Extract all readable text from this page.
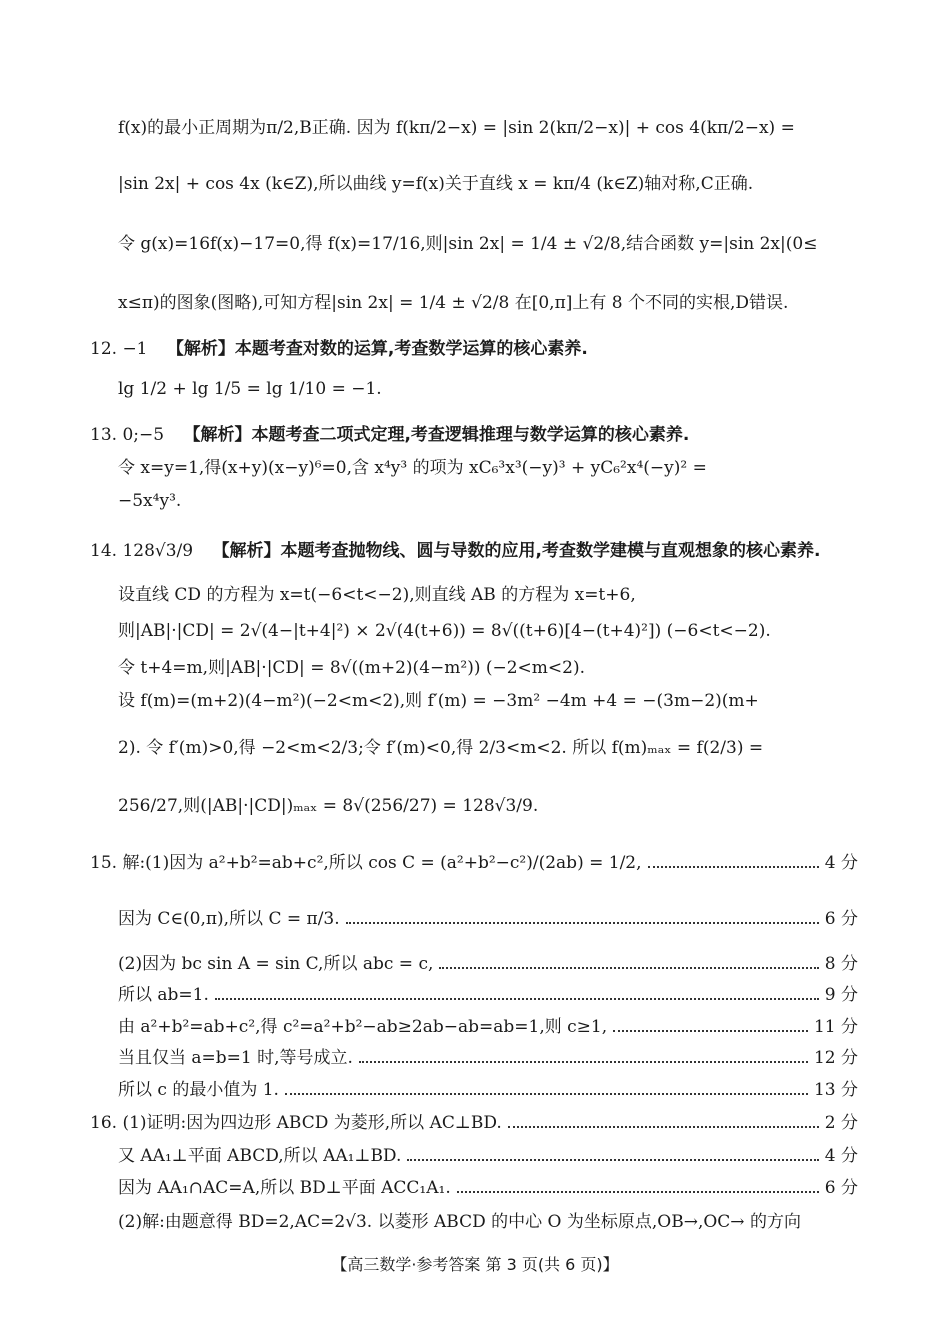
f(x)的最小正周期为π/2,B正确. 因为 f(kπ/2−x) = |sin 2(kπ/2−x)| + cos 4(kπ/2−x) =
|sin 2x| + cos 4x (k∈Z),所以曲线 y=f(x)关于直线 x = kπ/4 (k∈Z)轴对称,C正确.
令 g(x)=16f(x)−17=0,得 f(x)=17/16,则|sin 2x| = 1/4 ± √2/8,结合函数 y=|sin 2x|(0≤
x≤π)的图象(图略),可知方程|sin 2x| = 1/4 ± √2/8 在[0,π]上有 8 个不同的实根,D错误.
12. −1 【解析】本题考查对数的运算,考查数学运算的核心素养.
lg 1/2 + lg 1/5 = lg 1/10 = −1.
13. 0;−5 【解析】本题考查二项式定理,考查逻辑推理与数学运算的核心素养.
令 x=y=1,得(x+y)(x−y)⁶=0,含 x⁴y³ 的项为 xC₆³x³(−y)³ + yC₆²x⁴(−y)² =
−5x⁴y³.
14. 128√3/9 【解析】本题考查抛物线、圆与导数的应用,考查数学建模与直观想象的核心素养.
设直线 CD 的方程为 x=t(−6<t<−2),则直线 AB 的方程为 x=t+6,
则|AB|·|CD| = 2√(4−|t+4|²) × 2√(4(t+6)) = 8√((t+6)[4−(t+4)²]) (−6<t<−2).
令 t+4=m,则|AB|·|CD| = 8√((m+2)(4−m²)) (−2<m<2).
设 f(m)=(m+2)(4−m²)(−2<m<2),则 f′(m) = −3m² −4m +4 = −(3m−2)(m+
2). 令 f′(m)>0,得 −2<m<2/3;令 f′(m)<0,得 2/3<m<2. 所以 f(m)ₘₐₓ = f(2/3) =
256/27,则(|AB|·|CD|)ₘₐₓ = 8√(256/27) = 128√3/9.
15. 解:(1)因为 a²+b²=ab+c²,所以 cos C = (a²+b²−c²)/(2ab) = 1/2,	4 分
因为 C∈(0,π),所以 C = π/3.	6 分
(2)因为 bc sin A = sin C,所以 abc = c,	8 分
所以 ab=1.	9 分
由 a²+b²=ab+c²,得 c²=a²+b²−ab≥2ab−ab=ab=1,则 c≥1,	11 分
当且仅当 a=b=1 时,等号成立.	12 分
所以 c 的最小值为 1.	13 分
16. (1)证明:因为四边形 ABCD 为菱形,所以 AC⊥BD.	2 分
又 AA₁⊥平面 ABCD,所以 AA₁⊥BD.	4 分
因为 AA₁∩AC=A,所以 BD⊥平面 ACC₁A₁.	6 分
(2)解:由题意得 BD=2,AC=2√3. 以菱形 ABCD 的中心 O 为坐标原点,OB→,OC→ 的方向
【高三数学·参考答案 第 3 页(共 6 页)】
